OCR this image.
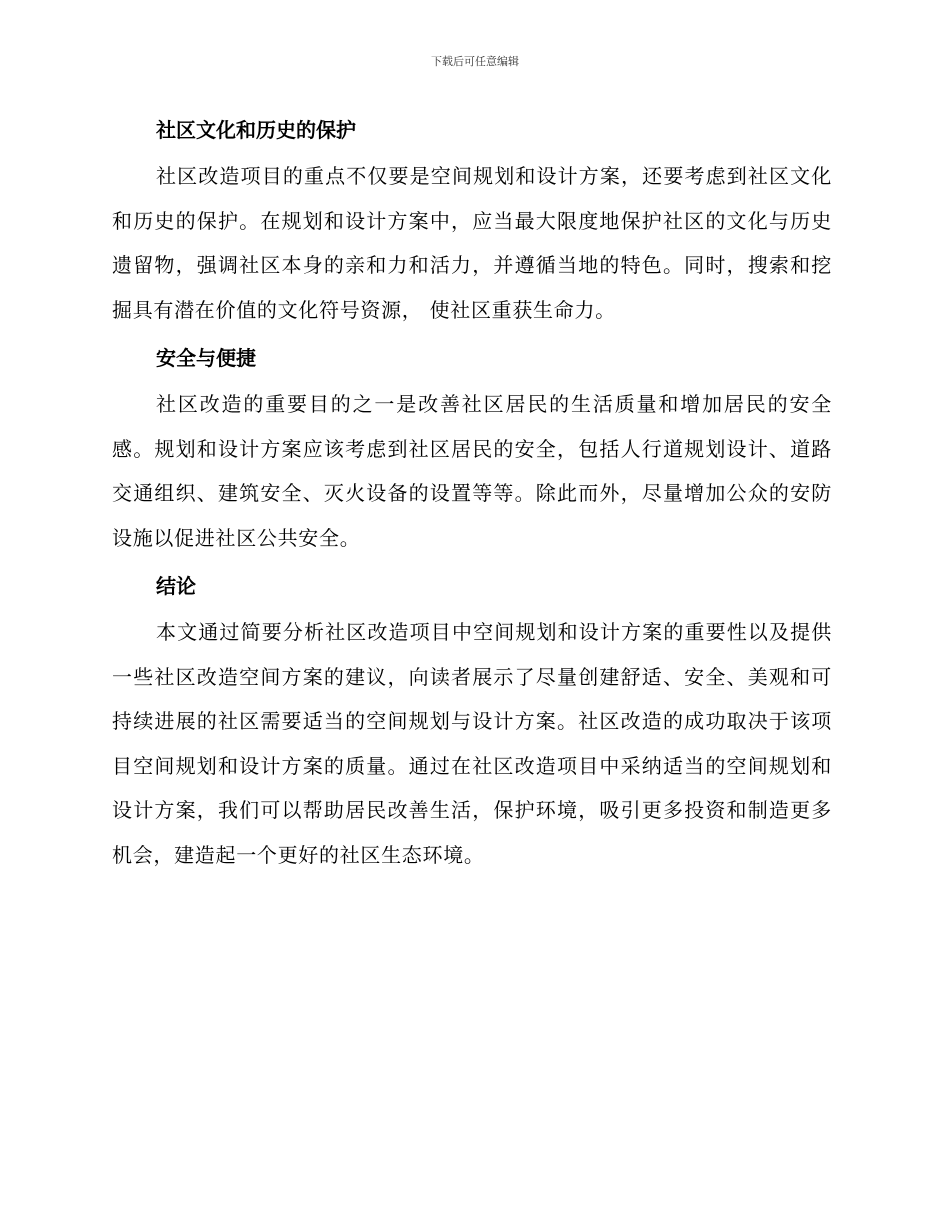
下载后可任意编辑
社区文化和历史的保护

社区改造项目的重点不仅要是空间规划和设计方案，还要考虑到社区文化和历史的保护。在规划和设计方案中，应当最大限度地保护社区的文化与历史遗留物，强调社区本身的亲和力和活力，并遵循当地的特色。同时，搜索和挖掘具有潜在价值的文化符号资源， 使社区重获生命力。

安全与便捷

社区改造的重要目的之一是改善社区居民的生活质量和增加居民的安全感。规划和设计方案应该考虑到社区居民的安全，包括人行道规划设计、道路交通组织、建筑安全、灭火设备的设置等等。除此而外，尽量增加公众的安防设施以促进社区公共安全。

结论

本文通过简要分析社区改造项目中空间规划和设计方案的重要性以及提供一些社区改造空间方案的建议，向读者展示了尽量创建舒适、安全、美观和可持续进展的社区需要适当的空间规划与设计方案。社区改造的成功取决于该项目空间规划和设计方案的质量。通过在社区改造项目中采纳适当的空间规划和设计方案，我们可以帮助居民改善生活，保护环境，吸引更多投资和制造更多机会，建造起一个更好的社区生态环境。
